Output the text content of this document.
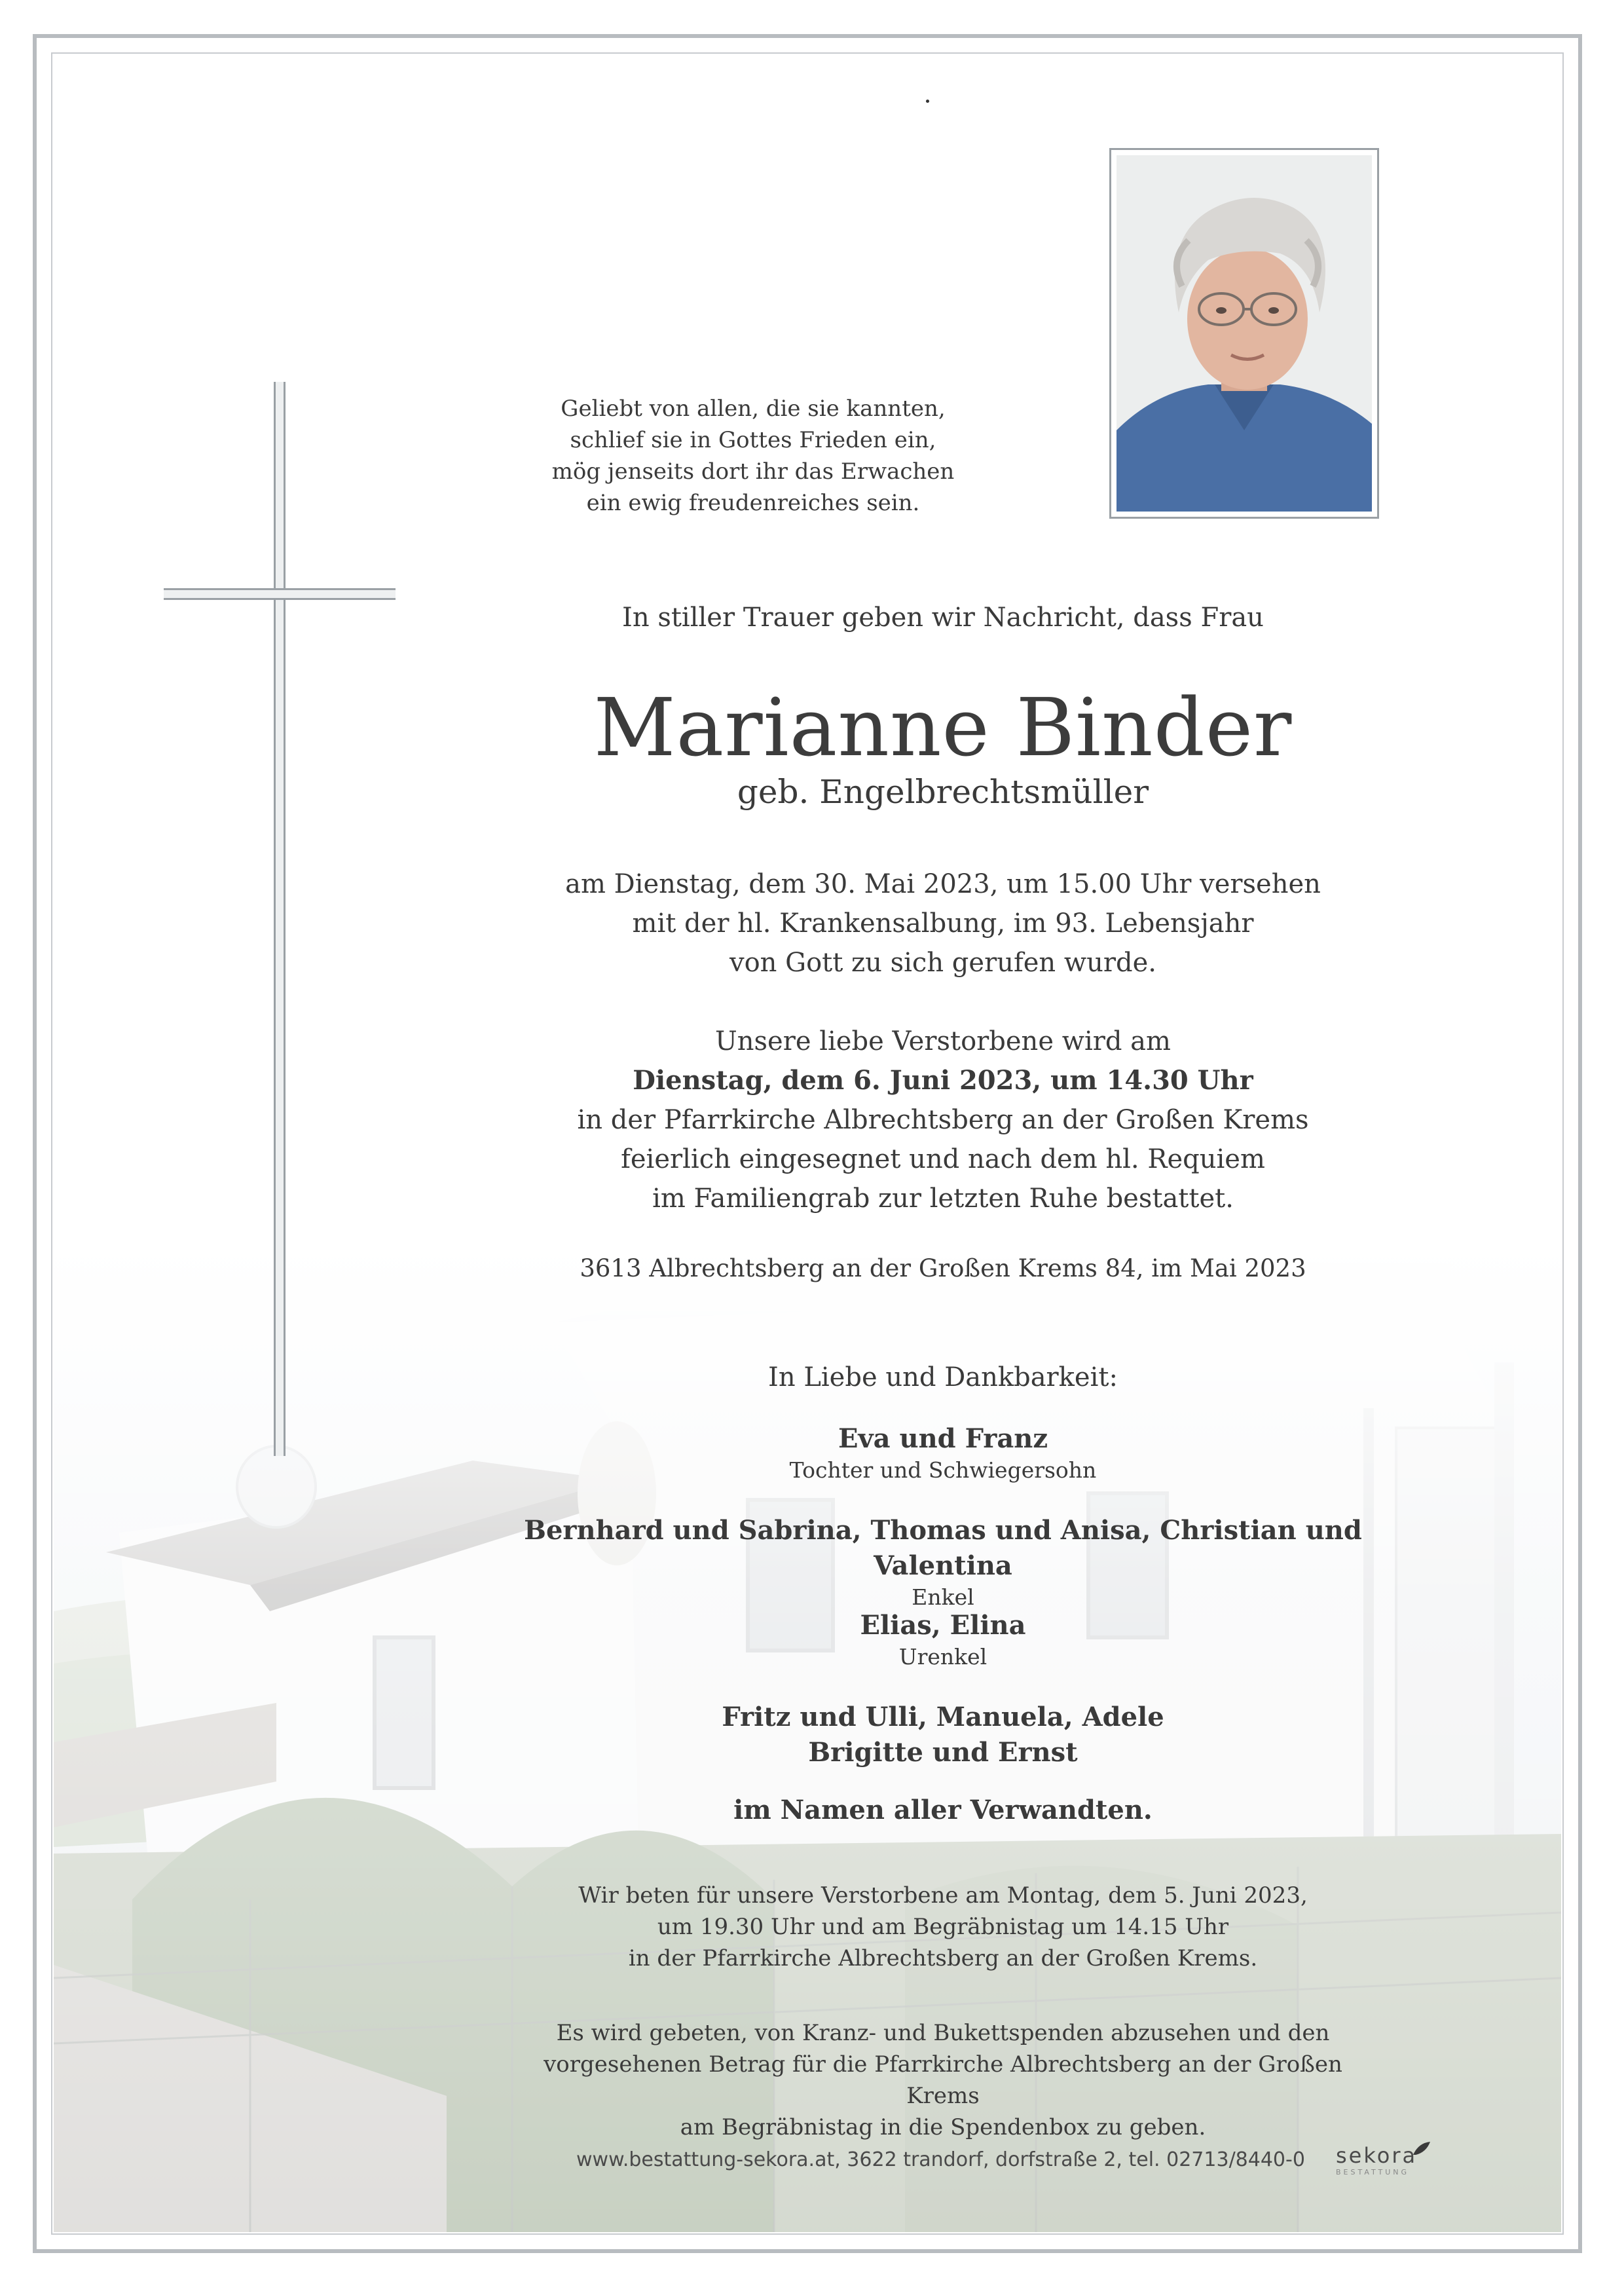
Geliebt von allen, die sie kannten,
schlief sie in Gottes Frieden ein,
mög jenseits dort ihr das Erwachen
ein ewig freudenreiches sein.
In stiller Trauer geben wir Nachricht, dass Frau
Marianne Binder
geb. Engelbrechtsmüller
am Dienstag, dem 30. Mai 2023, um 15.00 Uhr versehen
mit der hl. Krankensalbung, im 93. Lebensjahr
von Gott zu sich gerufen wurde.
Unsere liebe Verstorbene wird am
Dienstag, dem 6. Juni 2023, um 14.30 Uhr
in der Pfarrkirche Albrechtsberg an der Großen Krems
feierlich eingesegnet und nach dem hl. Requiem
im Familiengrab zur letzten Ruhe bestattet.
3613 Albrechtsberg an der Großen Krems 84, im Mai 2023
In Liebe und Dankbarkeit:
Eva und Franz
Tochter und Schwiegersohn
Bernhard und Sabrina, Thomas und Anisa, Christian und Valentina
Enkel
Elias, Elina
Urenkel
Fritz und Ulli, Manuela, Adele
Brigitte und Ernst
im Namen aller Verwandten.
Wir beten für unsere Verstorbene am Montag, dem 5. Juni 2023,
um 19.30 Uhr und am Begräbnistag um 14.15 Uhr
in der Pfarrkirche Albrechtsberg an der Großen Krems.
Es wird gebeten, von Kranz- und Bukettspenden abzusehen und den
vorgesehenen Betrag für die Pfarrkirche Albrechtsberg an der Großen Krems
am Begräbnistag in die Spendenbox zu geben.
www.bestattung-sekora.at, 3622 trandorf, dorfstraße 2, tel. 02713/8440-0 sekora
BESTATTUNG
